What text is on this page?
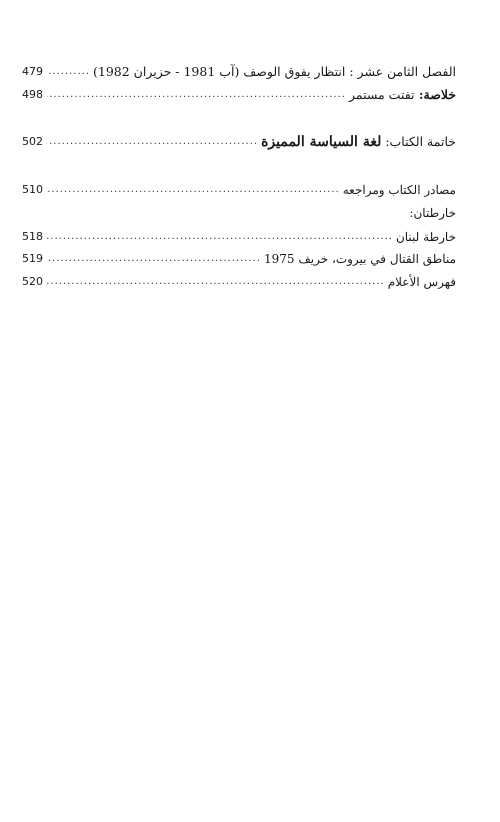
الفصل الثامن عشر : انتظار يفوق الوصف (آب 1981 - حزيران 1982)
.....
479
خلاصة: تفتت مستمر
.....
498
خاتمة الكتاب: لغة السياسة المميزة
.....
502
مصادر الكتاب ومراجعه
.....
510
خارطتان:
خارطة لبنان
.....
518
مناطق القتال في بيروت، خريف 1975
.....
519
فهرس الأعلام
.....
520
